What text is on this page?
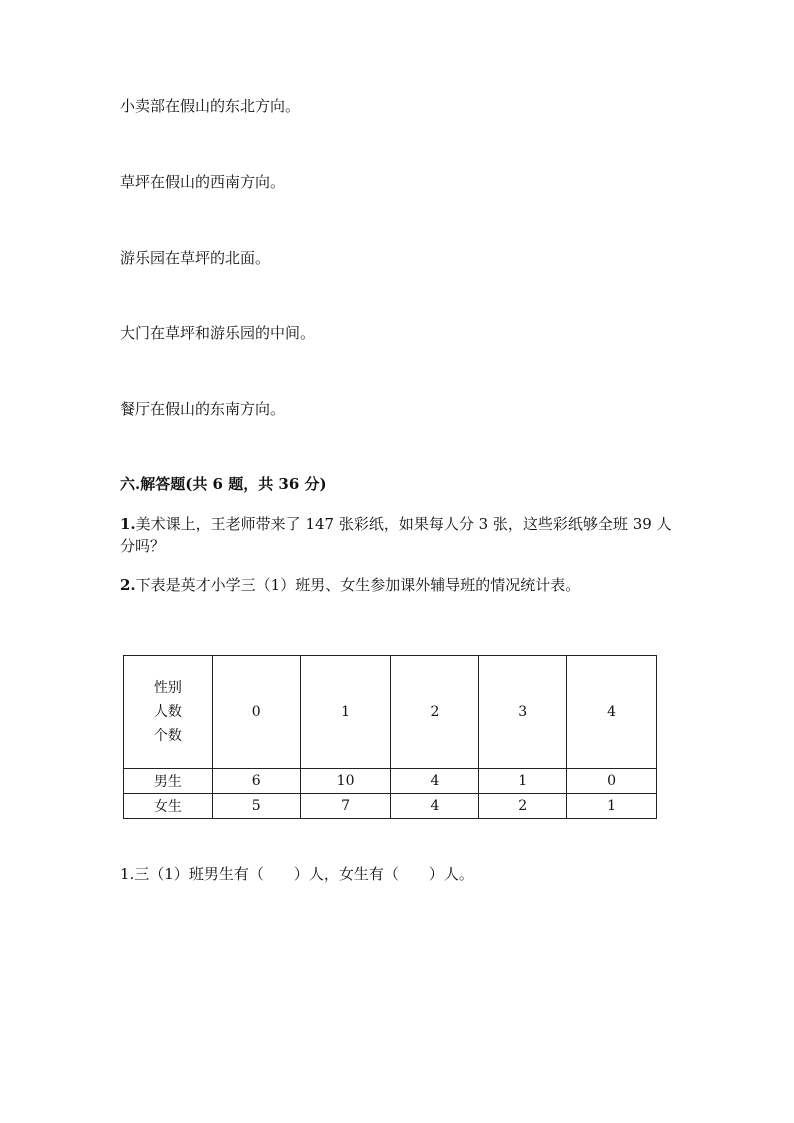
小卖部在假山的东北方向。
草坪在假山的西南方向。
游乐园在草坪的北面。
大门在草坪和游乐园的中间。
餐厅在假山的东南方向。
六.解答题(共 6 题，共 36 分)
1.美术课上，王老师带来了 147 张彩纸，如果每人分 3 张，这些彩纸够全班 39 人分吗？
2.下表是英才小学三（1）班男、女生参加课外辅导班的情况统计表。
性别
人数
个数	0	1	2	3	4
男生	6	10	4	1	0
女生	5	7	4	2	1
1.三（1）班男生有（　　）人，女生有（　　）人。
